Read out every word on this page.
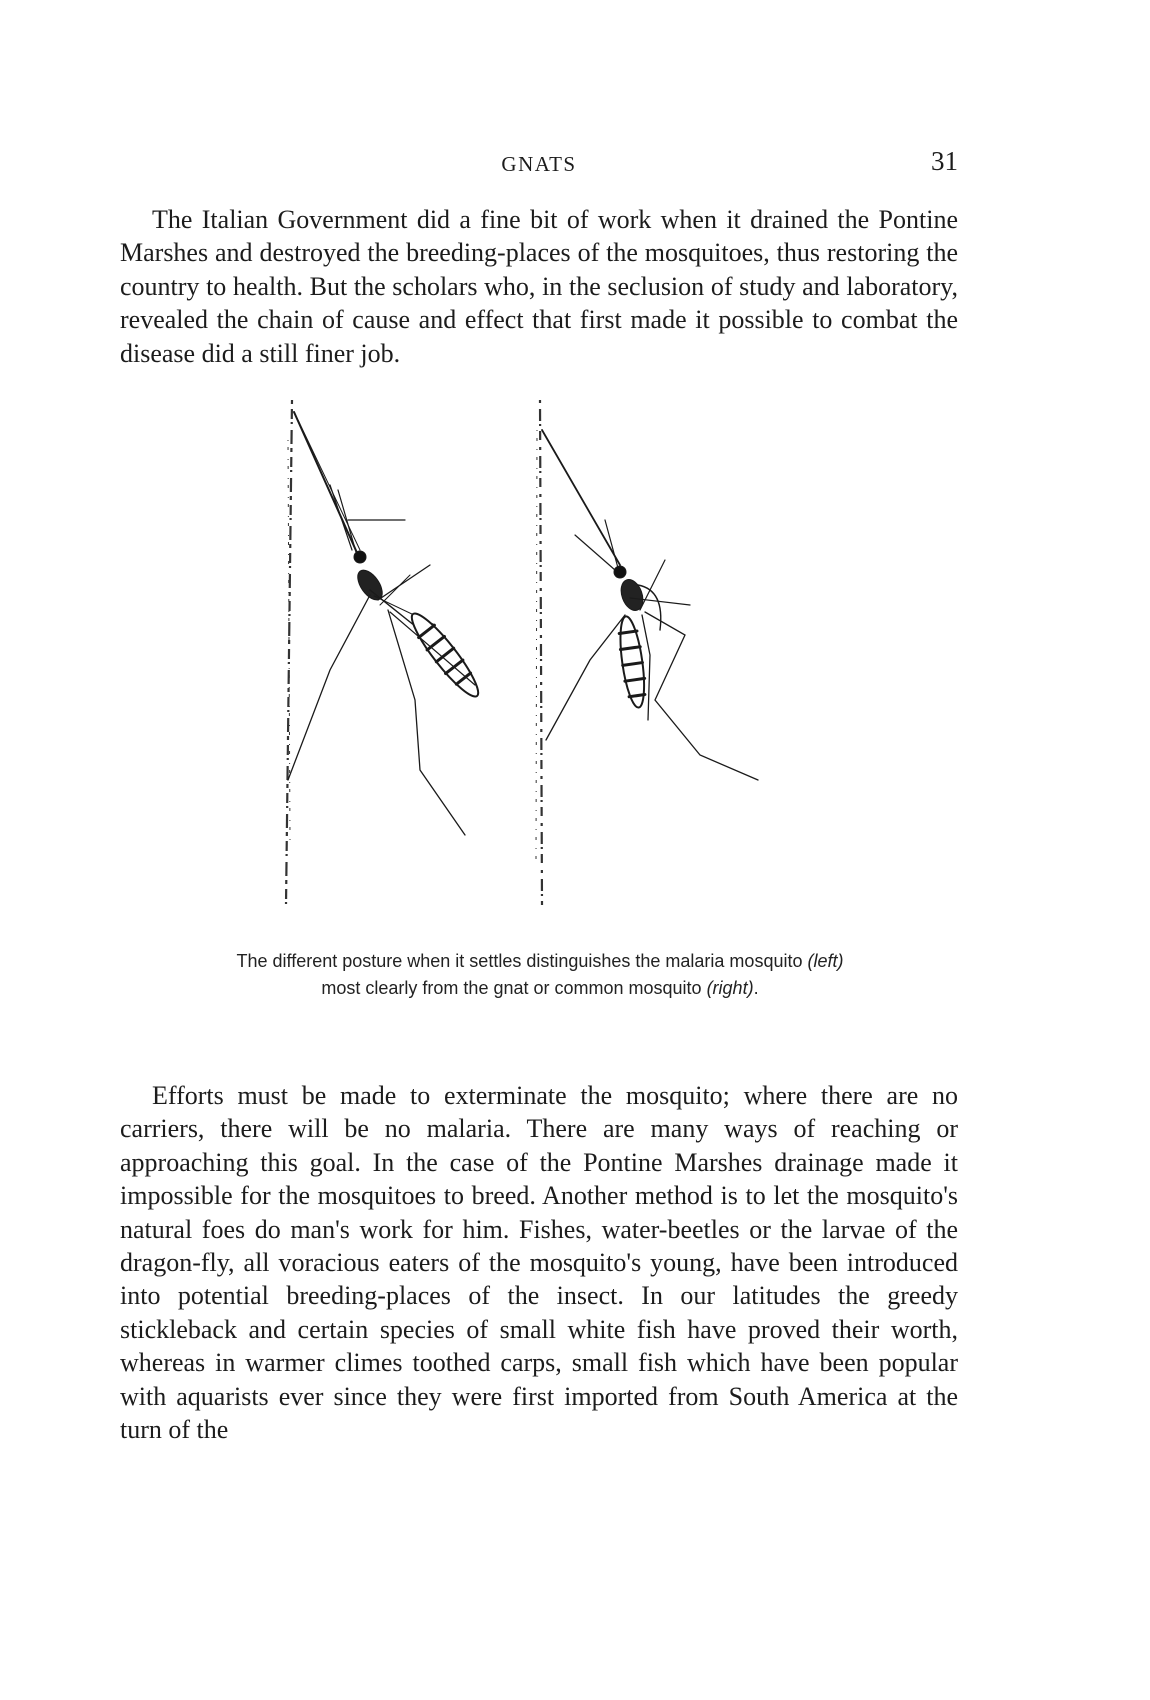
GNATS	31

The Italian Government did a fine bit of work when it drained the Pontine Marshes and destroyed the breeding-places of the mosquitoes, thus restoring the country to health. But the scholars who, in the seclusion of study and laboratory, revealed the chain of cause and effect that first made it possible to combat the disease did a still finer job.

The different posture when it settles distinguishes the malaria mosquito (left) most clearly from the gnat or common mosquito (right).

Efforts must be made to exterminate the mosquito; where there are no carriers, there will be no malaria. There are many ways of reaching or approaching this goal. In the case of the Pontine Marshes drainage made it impossible for the mosquitoes to breed. Another method is to let the mosquito's natural foes do man's work for him. Fishes, water-beetles or the larvae of the dragon-fly, all voracious eaters of the mosquito's young, have been introduced into potential breeding-places of the insect. In our latitudes the greedy stickleback and certain species of small white fish have proved their worth, whereas in warmer climes toothed carps, small fish which have been popular with aquarists ever since they were first imported from South America at the turn of the
